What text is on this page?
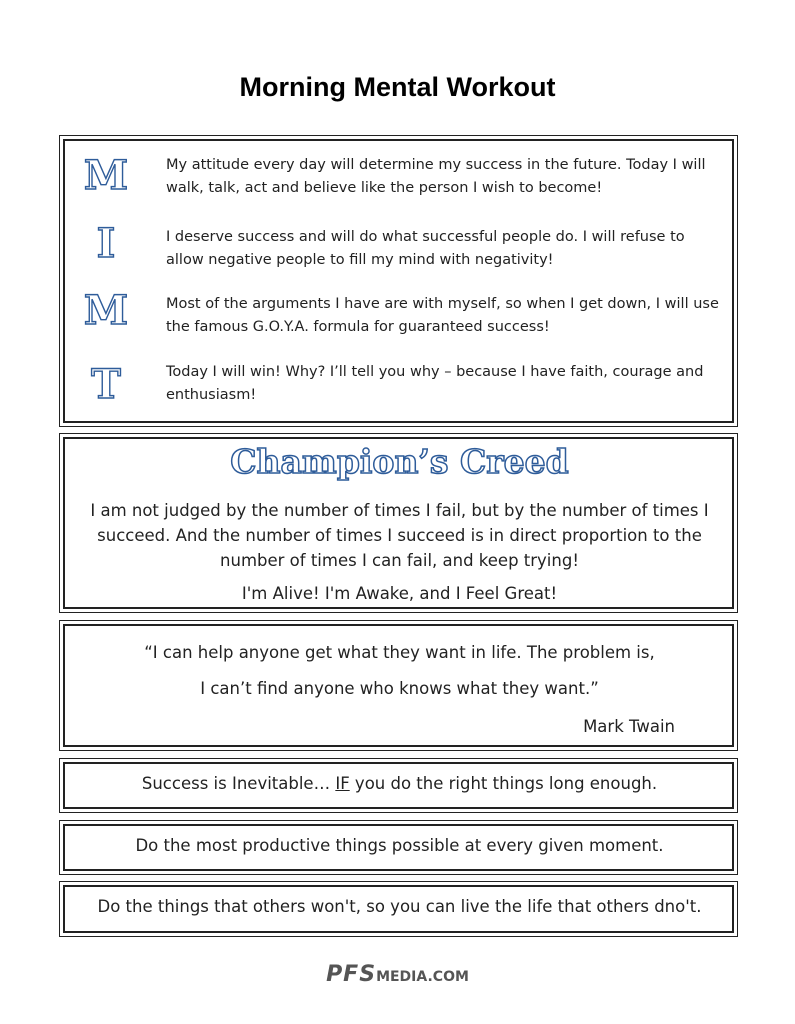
Morning Mental Workout
M	My attitude every day will determine my success in the future. Today I will walk, talk, act and believe like the person I wish to become!
I	I deserve success and will do what successful people do. I will refuse to allow negative people to fill my mind with negativity!
M	Most of the arguments I have are with myself, so when I get down, I will use the famous G.O.Y.A. formula for guaranteed success!
T	Today I will win! Why? I’ll tell you why – because I have faith, courage and enthusiasm!
Champion’s Creed
I am not judged by the number of times I fail, but by the number of times I succeed. And the number of times I succeed is in direct proportion to the number of times I can fail, and keep trying!
I'm Alive! I'm Awake, and I Feel Great!
“I can help anyone get what they want in life. The problem is,
I can’t find anyone who knows what they want.”
Mark Twain
Success is Inevitable… IF you do the right things long enough.
Do the most productive things possible at every given moment.
Do the things that others won't, so you can live the life that others dno't.
PFSMEDIA.COM
